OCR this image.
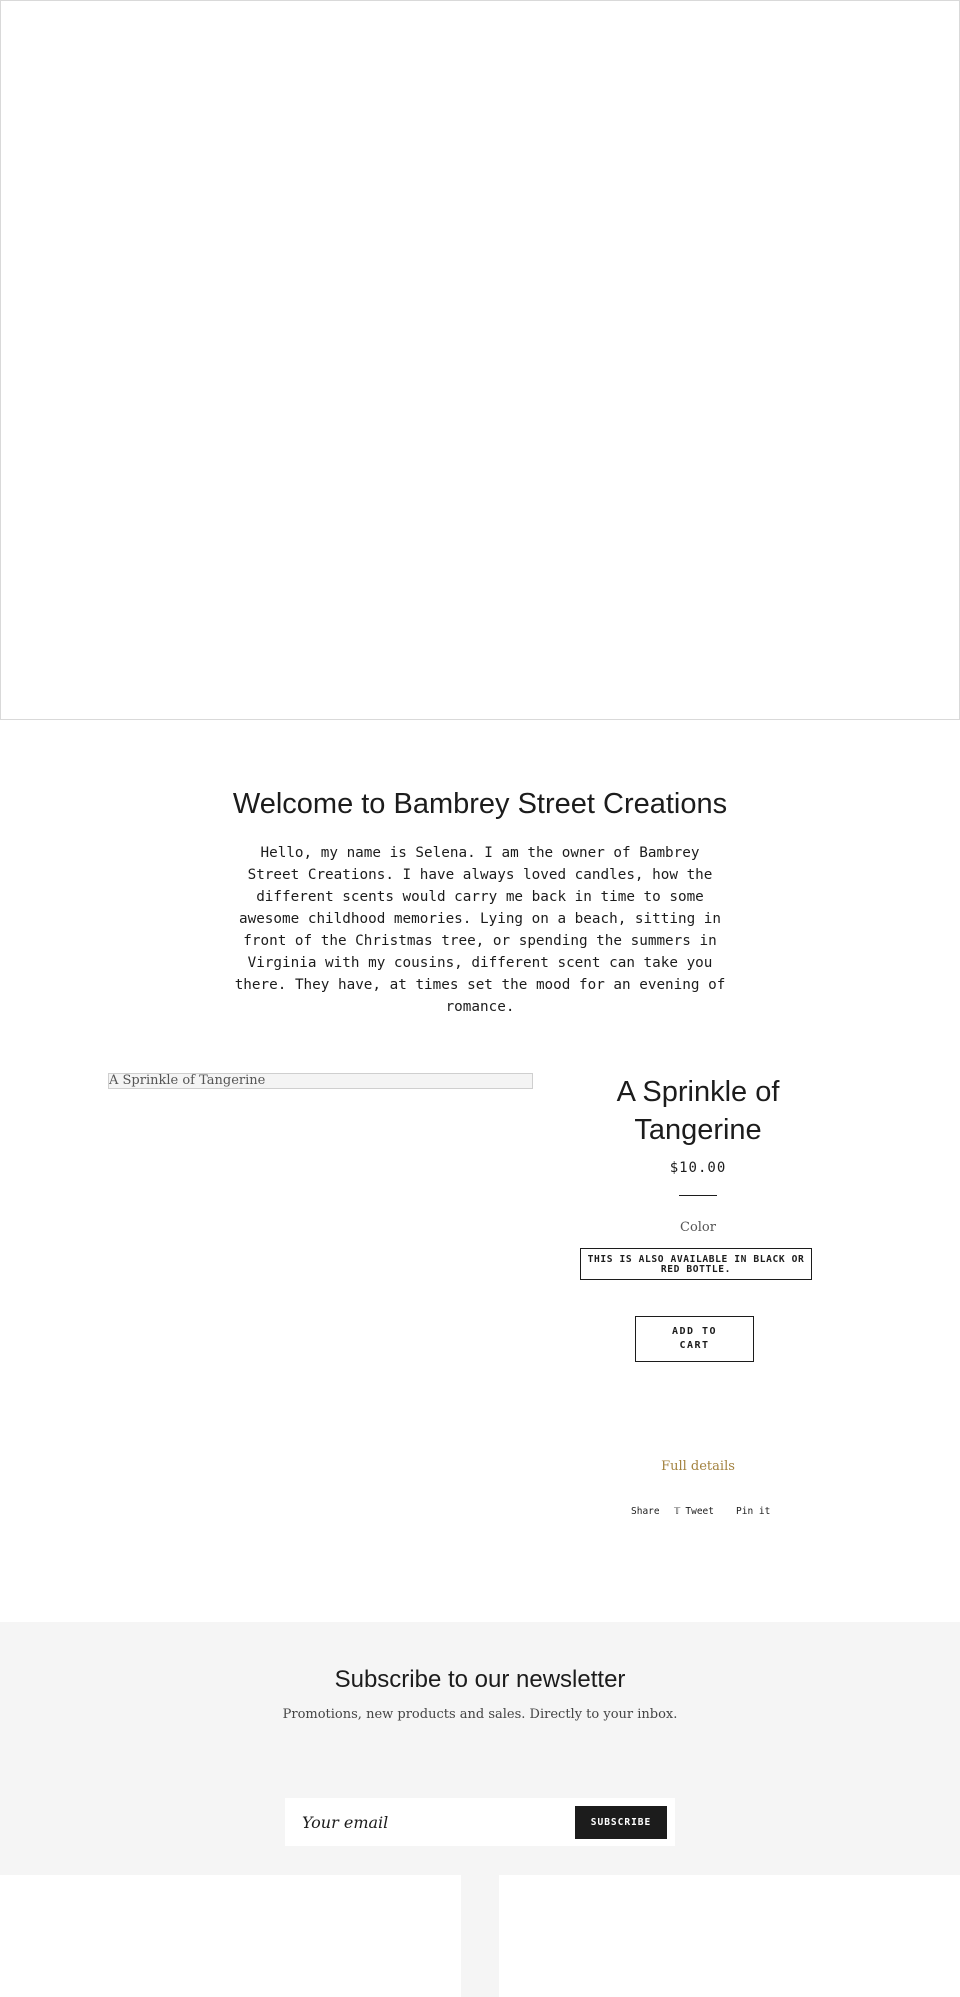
Welcome to Bambrey Street Creations

Hello, my name is Selena. I am the owner of Bambrey Street Creations. I have always loved candles, how the different scents would carry me back in time to some awesome childhood memories. Lying on a beach, sitting in front of the Christmas tree, or spending the summers in Virginia with my cousins, different scent can take you there. They have, at times set the mood for an evening of romance.

A Sprinkle of Tangerine	A Sprinkle of Tangerine
$10.00
Color
THIS IS ALSO AVAILABLE IN BLACK OR RED BOTTLE.
ADD TO CART
Full details
Share 𝕋 Tweet Pin it
Subscribe to our newsletter

Promotions, new products and sales. Directly to your inbox.

Your email
SUBSCRIBE
